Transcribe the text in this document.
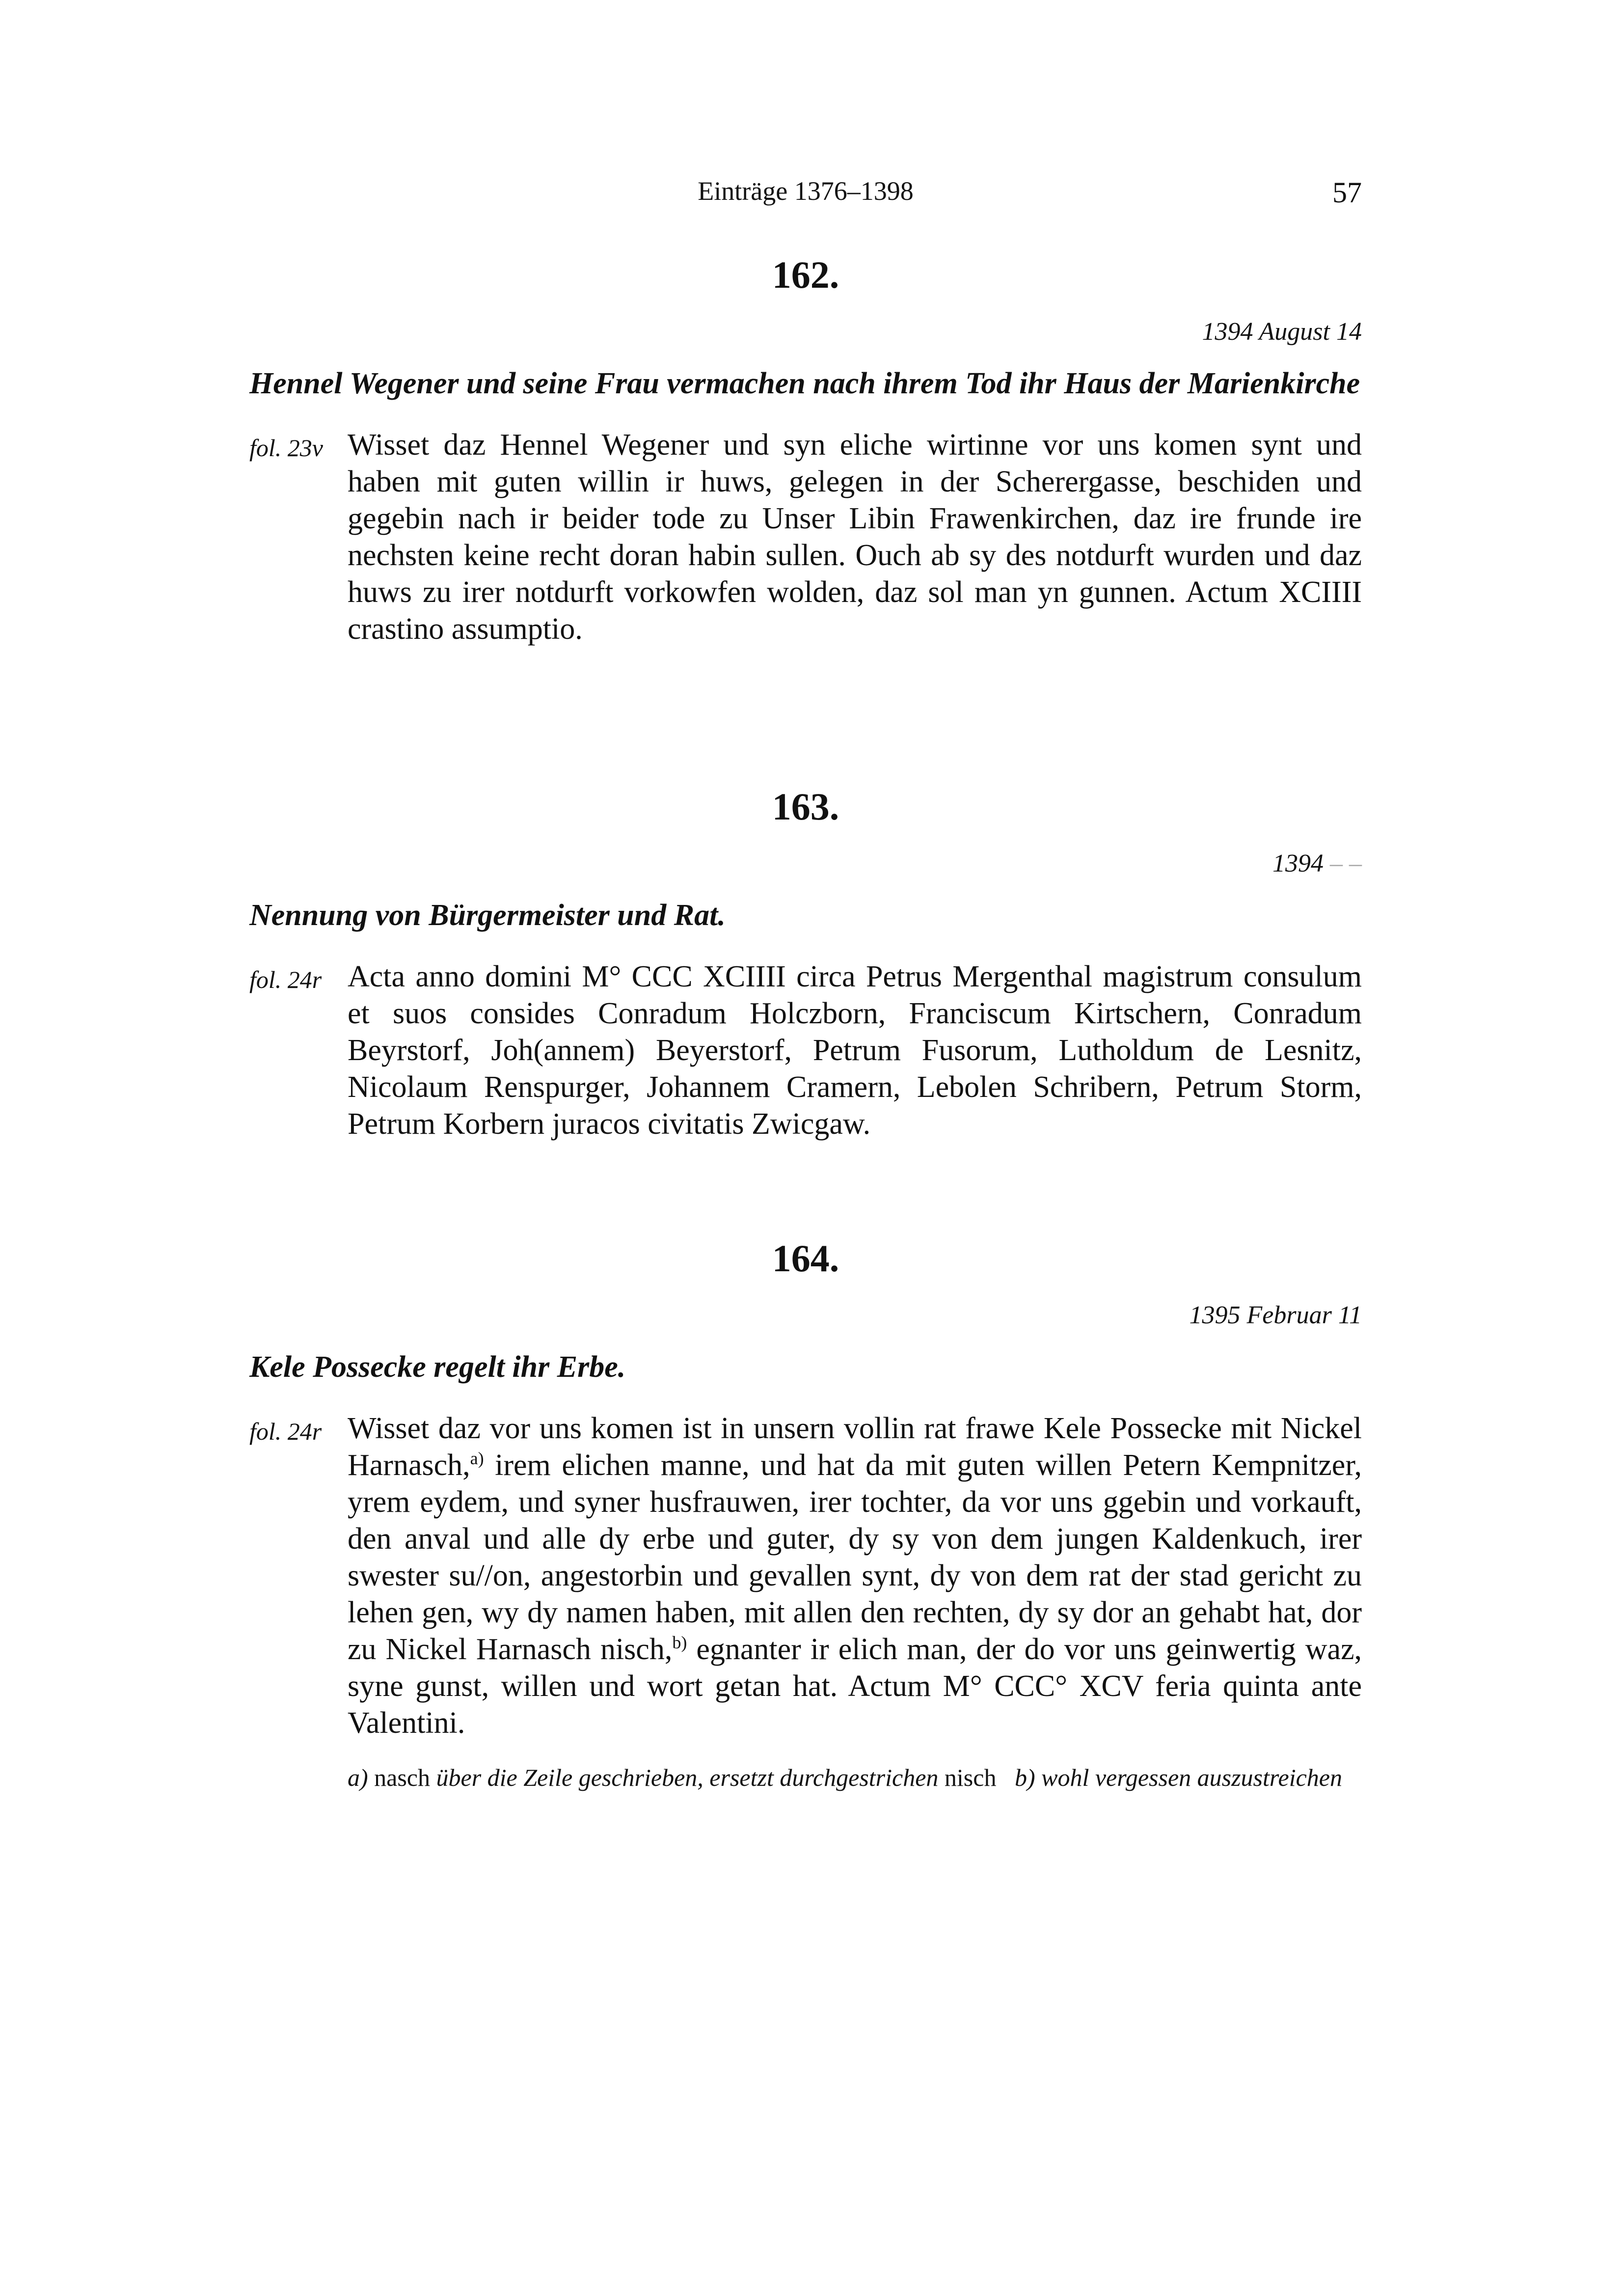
Einträge 1376–1398	57
162.
1394 August 14
Hennel Wegener und seine Frau vermachen nach ihrem Tod ihr Haus der Marienkirche
fol. 23v Wisset daz Hennel Wegener und syn eliche wirtinne vor uns komen synt und haben mit guten willin ir huws, gelegen in der Scherergasse, beschiden und gegebin nach ir beider tode zu Unser Libin Frawenkirchen, daz ire frunde ire nechsten keine recht doran habin sullen. Ouch ab sy des notdurft wurden und daz huws zu irer notdurft vorkowfen wolden, daz sol man yn gunnen. Actum XCIIII crastino assumptio.
163.
1394 – –
Nennung von Bürgermeister und Rat.
fol. 24r Acta anno domini M° CCC XCIIII circa Petrus Mergenthal magistrum consulum et suos consides Conradum Holczborn, Franciscum Kirtschern, Conradum Beyrstorf, Joh(annem) Beyerstorf, Petrum Fusorum, Lutholdum de Lesnitz, Nicolaum Renspurger, Johannem Cramern, Lebolen Schribern, Petrum Storm, Petrum Korbern juracos civitatis Zwicgaw.
164.
1395 Februar 11
Kele Possecke regelt ihr Erbe.
fol. 24r Wisset daz vor uns komen ist in unsern vollin rat frawe Kele Possecke mit Nickel Harnasch,$^{a)}$ irem elichen manne, und hat da mit guten willen Petern Kempnitzer, yrem eydem, und syner husfrauwen, irer tochter, da vor uns ggebin und vorkauft, den anval und alle dy erbe und guter, dy sy von dem jungen Kaldenkuch, irer swester su//on, angestorbin und gevallen synt, dy von dem rat der stad gericht zu lehen gen, wy dy namen haben, mit allen den rechten, dy sy dor an gehabt hat, dor zu Nickel Harnasch nisch,$^{b)}$ egnanter ir elich man, der do vor uns geinwertig waz, syne gunst, willen und wort getan hat. Actum M° CCC° XCV feria quinta ante Valentini.
a) nasch über die Zeile geschrieben, ersetzt durchgestrichen nisch b) wohl vergessen auszustreichen
